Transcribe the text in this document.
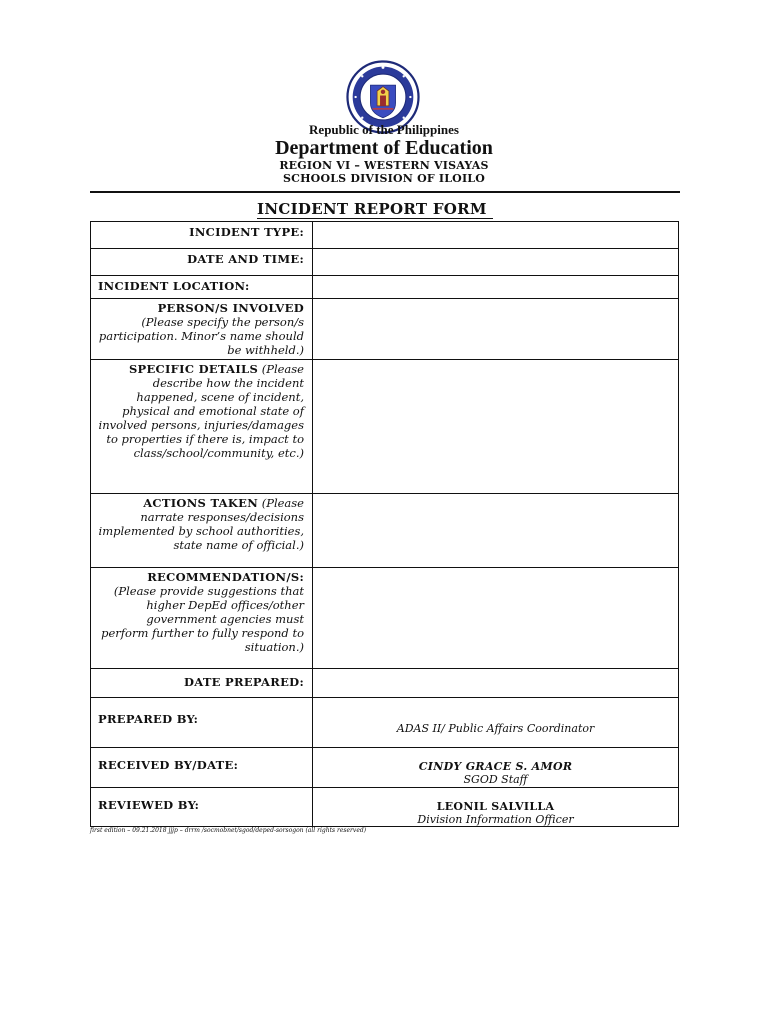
Republic of the Philippines
Department of Education
REGION VI – WESTERN VISAYAS
SCHOOLS DIVISION OF ILOILO
INCIDENT REPORT FORM
INCIDENT TYPE:	
DATE AND TIME:	
INCIDENT LOCATION:	
PERSON/S INVOLVED
(Please specify the person/s participation. Minor’s name should be withheld.)	
SPECIFIC DETAILS (Please describe how the incident happened, scene of incident, physical and emotional state of involved persons, injuries/damages to properties if there is, impact to class/school/community, etc.)	
ACTIONS TAKEN (Please narrate responses/decisions implemented by school authorities, state name of official.)	
RECOMMENDATION/S:
(Please provide suggestions that higher DepEd offices/other government agencies must perform further to fully respond to situation.)	
DATE PREPARED:	
PREPARED BY:	ADAS II/ Public Affairs Coordinator

RECEIVED BY/DATE:	CINDY GRACE S. AMOR
SGOD Staff

REVIEWED BY:	LEONIL SALVILLA
Division Information Officer
first edition – 09.21.2018 jjjp – drrm /socmobnet/sgod/deped-sorsogon (all rights reserved)
